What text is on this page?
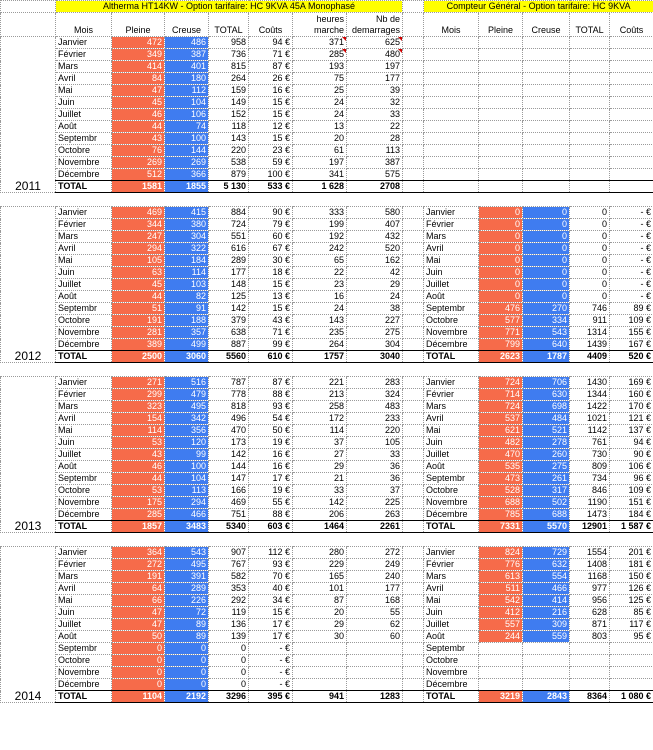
	Altherma HT14KW - Option tarifaire: HC 9KVA 45A Monophasé								Compteur Général - Option tarifaire: HC 9KVA				
	Mois	Pleine	Creuse	TOTAL	Coûts	heures marche	Nb de demarrages		Mois	Pleine	Creuse	TOTAL	Coûts
2011	Janvier	472	486	958	94 €	371	625						
	Février	349	387	736	71 €	285	480						
	Mars	414	401	815	87 €	193	197						
	Avril	84	180	264	26 €	75	177						
	Mai	47	112	159	16 €	25	39						
	Juin	45	104	149	15 €	24	32						
	Juillet	46	106	152	15 €	24	33						
	Août	44	74	118	12 €	13	22						
	Septembr	43	100	143	15 €	20	28						
	Octobre	76	144	220	23 €	61	113						
	Novembre	269	269	538	59 €	197	387						
	Décembre	512	366	879	100 €	341	575						
	TOTAL	1581	1855	5 130	533 €	1 628	2708						

2012	Janvier	469	415	884	90 €	333	580		Janvier	0	0	0	- €
	Février	344	380	724	79 €	199	407		Février	0	0	0	- €
	Mars	247	304	551	60 €	192	432		Mars	0	0	0	- €
	Avril	294	322	616	67 €	242	520		Avril	0	0	0	- €
	Mai	105	184	289	30 €	65	162		Mai	0	0	0	- €
	Juin	63	114	177	18 €	22	42		Juin	0	0	0	- €
	Juillet	45	103	148	15 €	23	29		Juillet	0	0	0	- €
	Août	44	82	125	13 €	16	24		Août	0	0	0	- €
	Septembr	51	91	142	15 €	24	38		Septembr	476	270	746	89 €
	Octobre	191	188	379	43 €	143	227		Octobre	577	334	911	109 €
	Novembre	281	357	638	71 €	235	275		Novembre	771	543	1314	155 €
	Décembre	389	499	887	99 €	264	304		Décembre	799	640	1439	167 €
	TOTAL	2500	3060	5560	610 €	1757	3040		TOTAL	2623	1787	4409	520 €

2013	Janvier	271	516	787	87 €	221	283		Janvier	724	706	1430	169 €
	Février	299	479	778	88 €	213	324		Février	714	630	1344	160 €
	Mars	323	495	818	93 €	258	483		Mars	724	698	1422	170 €
	Avril	154	342	496	54 €	172	233		Avril	537	484	1021	121 €
	Mai	114	356	470	50 €	114	220		Mai	621	521	1142	137 €
	Juin	53	120	173	19 €	37	105		Juin	482	278	761	94 €
	Juillet	43	99	142	16 €	27	33		Juillet	470	260	730	90 €
	Août	46	100	144	16 €	29	36		Août	535	275	809	106 €
	Septembr	44	104	147	17 €	21	36		Septembr	473	261	734	96 €
	Octobre	53	113	166	19 €	33	37		Octobre	528	317	846	109 €
	Novembre	175	294	469	55 €	142	225		Novembre	688	502	1190	151 €
	Décembre	285	466	751	88 €	206	263		Décembre	785	688	1473	184 €
	TOTAL	1857	3483	5340	603 €	1464	2261		TOTAL	7331	5570	12901	1 587 €

2014	Janvier	364	543	907	112 €	280	272		Janvier	824	729	1554	201 €
	Février	272	495	767	93 €	229	249		Février	776	632	1408	181 €
	Mars	191	391	582	70 €	165	240		Mars	613	554	1168	150 €
	Avril	64	289	353	40 €	101	177		Avril	511	466	977	126 €
	Mai	66	226	292	34 €	87	168		Mai	542	414	956	125 €
	Juin	47	72	119	15 €	20	55		Juin	412	216	628	85 €
	Juillet	47	89	136	17 €	29	62		Juillet	557	309	871	117 €
	Août	50	89	139	17 €	30	60		Août	244	559	803	95 €
	Septembr	0	0	0	- €				Septembr				
	Octobre	0	0	0	- €				Octobre				
	Novembre	0	0	0	- €				Novembre				
	Décembre	0	0	0	- €				Décembre				
	TOTAL	1104	2192	3296	395 €	941	1283		TOTAL	3219	2843	8364	1 080 €
